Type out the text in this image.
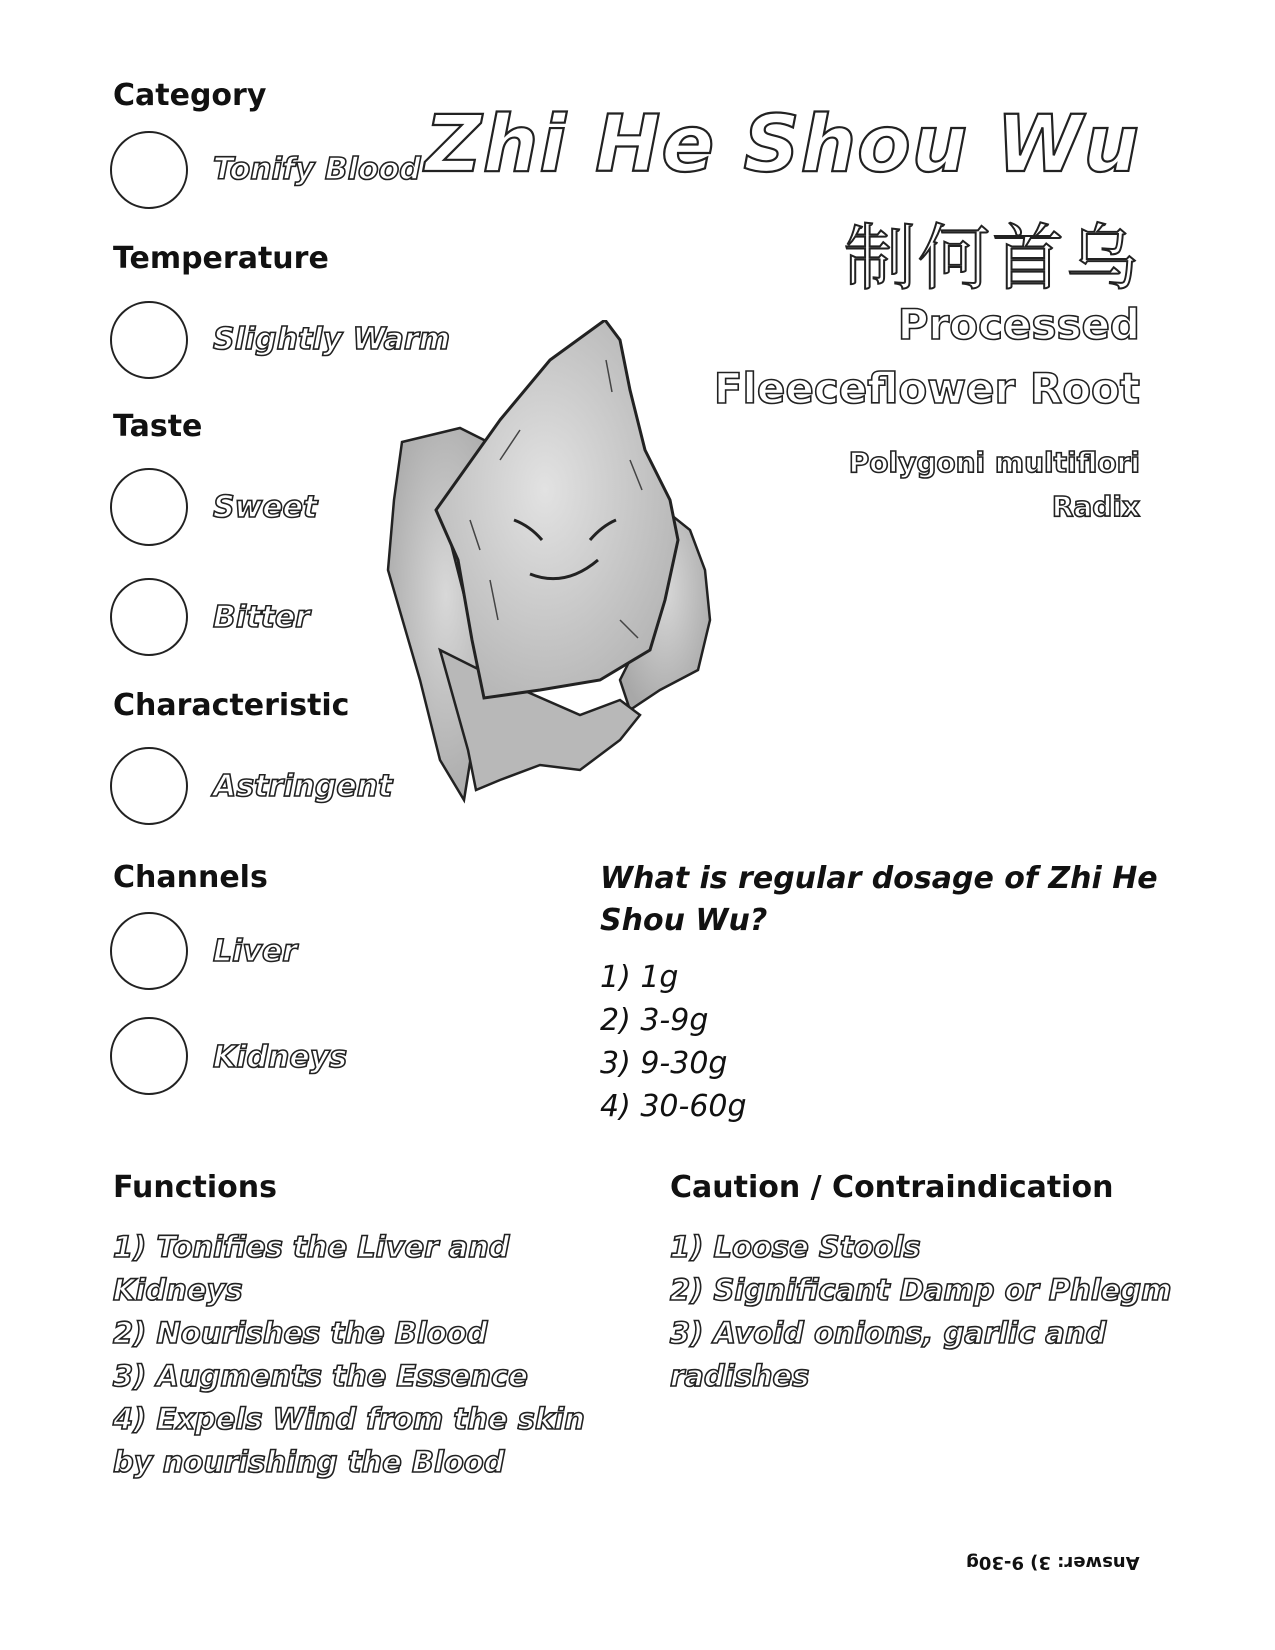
Category
Tonify Blood
Temperature
Slightly Warm
Taste
Sweet
Bitter
Characteristic
Astringent
Channels
Liver
Kidneys
Zhi He Shou Wu
制何首乌
Processed
Fleeceflower Root
Polygoni multiflori
Radix
What is regular dosage of Zhi He
Shou Wu?
1) 1g
2) 3-9g
3) 9-30g
4) 30-60g
Functions
1) Tonifies the Liver and
Kidneys
2) Nourishes the Blood
3) Augments the Essence
4) Expels Wind from the skin
by nourishing the Blood
Caution / Contraindication
1) Loose Stools
2) Significant Damp or Phlegm
3) Avoid onions, garlic and
radishes
Answer: 3) 9-30g
